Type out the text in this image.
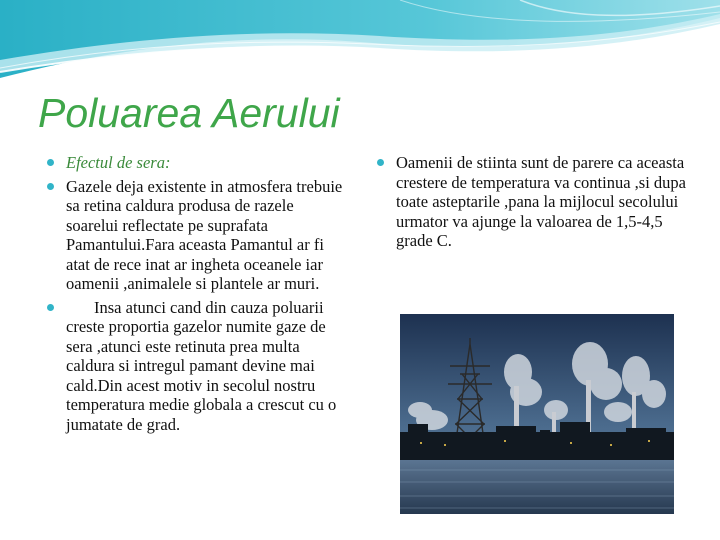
Poluarea Aerului
Efectul de sera:
Gazele deja existente in atmosfera trebuie sa retina caldura produsa de razele soarelui reflectate pe suprafata Pamantului.Fara aceasta Pamantul ar fi atat de rece inat ar ingheta oceanele iar oamenii ,animalele si plantele ar muri.
Insa atunci cand din cauza poluarii creste proportia gazelor numite gaze de sera ,atunci este retinuta prea multa caldura si intregul pamant devine mai cald.Din acest motiv in secolul nostru temperatura medie globala a crescut cu o jumatate de grad.
Oamenii de stiinta sunt de parere ca aceasta crestere de temperatura va continua ,si dupa toate asteptarile ,pana la mijlocul secolului urmator va ajunge la valoarea de 1,5-4,5 grade C.
